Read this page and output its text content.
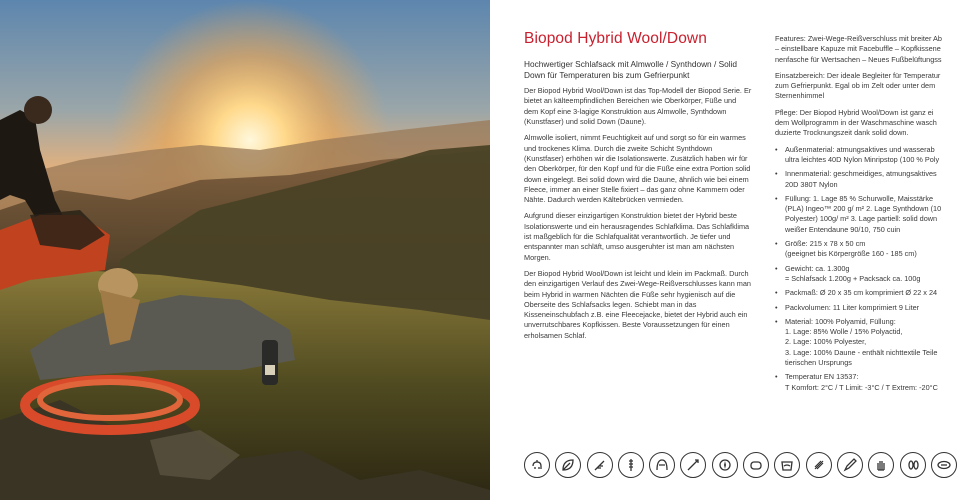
Biopod Hybrid Wool/Down

Hochwertiger Schlafsack mit Almwolle / Synthdown / Solid Down für Temperaturen bis zum Gefrierpunkt

Der Biopod Hybrid Wool/Down ist das Top-Modell der Biopod Serie. Er bietet an kälteempfindlichen Bereichen wie Oberkörper, Füße und dem Kopf eine 3-lagige Konstruktion aus Almwolle, Synthdown (Kunstfaser) und solid Down (Daune).

Almwolle isoliert, nimmt Feuchtigkeit auf und sorgt so für ein warmes und trockenes Klima. Durch die zweite Schicht Synthdown (Kunstfaser) erhöhen wir die Isolationswerte. Zusätzlich haben wir für den Oberkörper, für den Kopf und für die Füße eine extra Portion solid down eingelegt. Bei solid down wird die Daune, ähnlich wie bei einem Fleece, immer an einer Stelle fixiert – das ganz ohne Kammern oder Nähte. Dadurch werden Kältebrücken vermieden.

Aufgrund dieser einzigartigen Konstruktion bietet der Hybrid beste Isolationswerte und ein herausragendes Schlafklima. Das Schlafklima ist maßgeblich für die Schlafqualität verantwortlich. Je tiefer und entspannter man schläft, umso ausgeruhter ist man am nächsten Morgen.

Der Biopod Hybrid Wool/Down ist leicht und klein im Packmaß. Durch den einzigartigen Verlauf des Zwei-Wege-Reißverschlusses kann man beim Hybrid in warmen Nächten die Füße sehr hygienisch auf die Oberseite des Schlafsacks legen. Schiebt man in das Kisseneinschubfach z.B. eine Fleecejacke, bietet der Hybrid auch ein unverrutschbares Kopfkissen. Beste Voraussetzungen für einen erholsamen Schlaf.

Features: Zwei-Wege-Reißverschluss mit breiter Ab
– einstellbare Kapuze mit Facebuffle – Kopfkissene
nenfasche für Wertsachen – Neues Fußbelüftungss

Einsatzbereich: Der ideale Begleiter für Temperatur
zum Gefrierpunkt. Egal ob im Zelt oder unter dem
Sternenhimmel

Pflege: Der Biopod Hybrid Wool/Down ist ganz ei
dem Wollprogramm in der Waschmaschine wasch
duzierte Trocknungszeit dank solid down.

• Außenmaterial: atmungsaktives und wasserab
ultra leichtes 40D Nylon Minripstop (100 % Poly
• Innenmaterial: geschmeidiges, atmungsaktives
20D 380T Nylon
• Füllung: 1. Lage 85 % Schurwolle, Maisstärke
(PLA) Ingeo™ 200 g/ m² 2. Lage Synthdown (10
Polyester) 100g/ m² 3. Lage partiell: solid down
weißer Entendaune 90/10, 750 cuin
• Größe: 215 x 78 x 50 cm
(geeignet bis Körpergröße 160 - 185 cm)
• Gewicht: ca. 1.300g
= Schlafsack 1.200g + Packsack ca. 100g
• Packmaß: Ø 20 x 35 cm komprimiert Ø 22 x 24
• Packvolumen: 11 Liter komprimiert 9 Liter
• Material: 100% Polyamid, Füllung:
1. Lage: 85% Wolle / 15% Polyactid,
2. Lage: 100% Polyester,
3. Lage: 100% Daune - enthält nichttextile Teile
tierischen Ursprungs
• Temperatur EN 13537:
T Komfort: 2°C / T Limit: -3°C / T Extrem: -20°C
